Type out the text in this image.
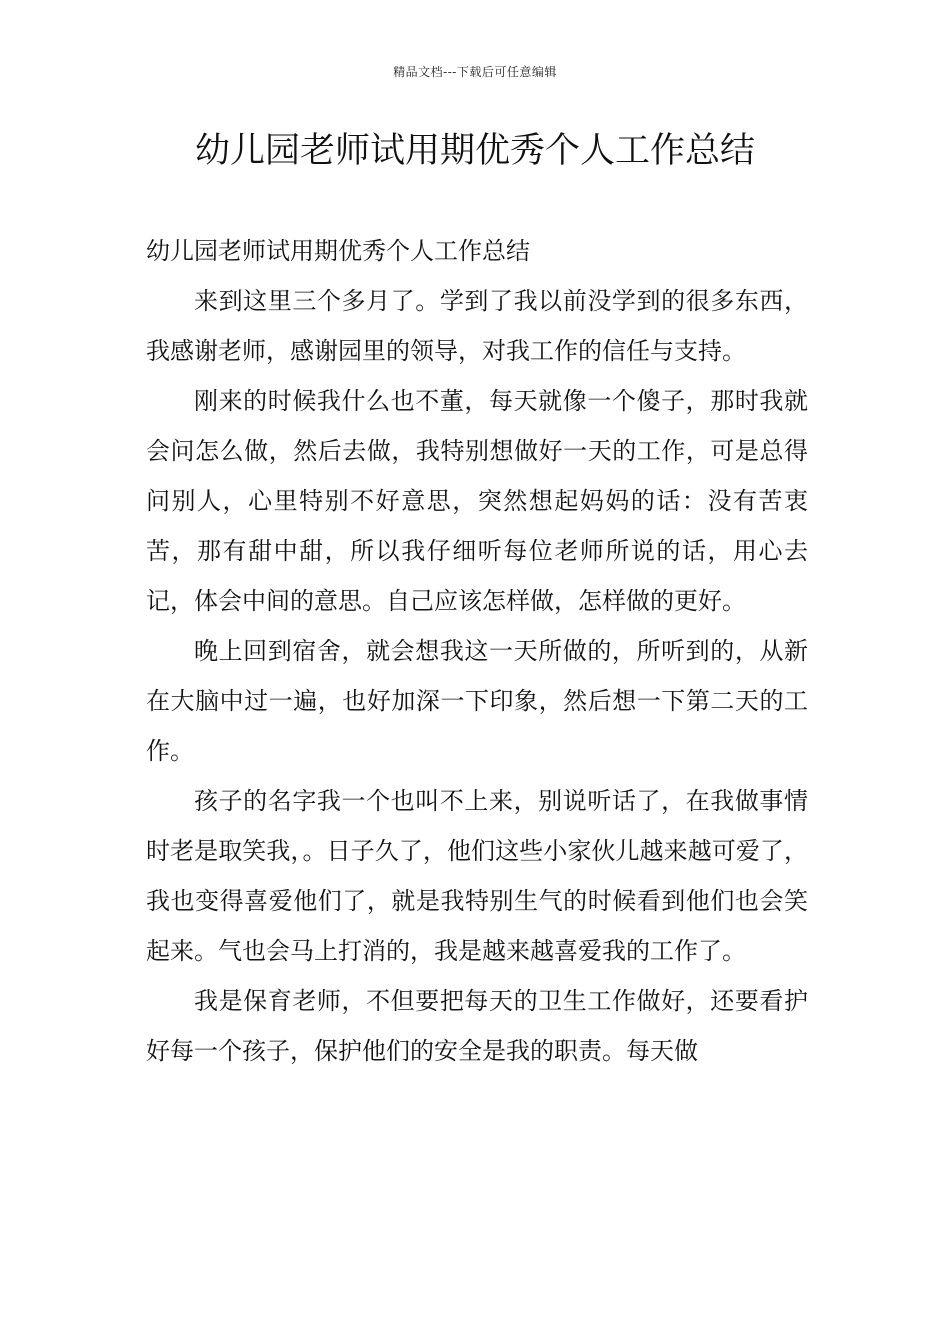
精品文档---下载后可任意编辑
幼儿园老师试用期优秀个人工作总结

幼儿园老师试用期优秀个人工作总结

来到这里三个多月了。学到了我以前没学到的很多东西，我感谢老师，感谢园里的领导，对我工作的信任与支持。

刚来的时候我什么也不董，每天就像一个傻子，那时我就会问怎么做，然后去做，我特别想做好一天的工作，可是总得问别人，心里特别不好意思，突然想起妈妈的话：没有苦衷苦，那有甜中甜，所以我仔细听每位老师所说的话，用心去记，体会中间的意思。自己应该怎样做，怎样做的更好。

晚上回到宿舍，就会想我这一天所做的，所听到的，从新在大脑中过一遍，也好加深一下印象，然后想一下第二天的工作。

孩子的名字我一个也叫不上来，别说听话了，在我做事情时老是取笑我，。日子久了，他们这些小家伙儿越来越可爱了，我也变得喜爱他们了，就是我特别生气的时候看到他们也会笑起来。气也会马上打消的，我是越来越喜爱我的工作了。

我是保育老师，不但要把每天的卫生工作做好，还要看护好每一个孩子，保护他们的安全是我的职责。每天做
